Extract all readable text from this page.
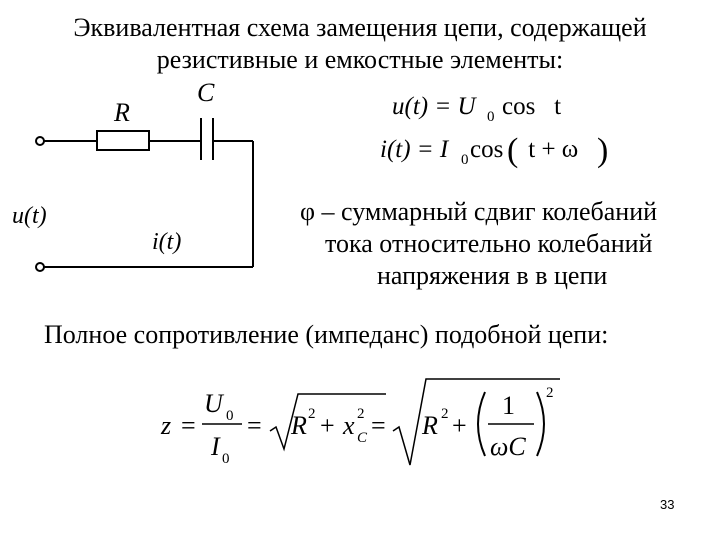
Эквивалентная схема замещения цепи, содержащей
резистивные и емкостные элементы:
R
C
u(t)
i(t)
u(t) = U 0 cos   t
i(t) = I 0 cos ( t + ω )
z =
U 0
I 0
= R 2 + x 2
C = R 2 +
1
ωC
2
φ – суммарный сдвиг колебаний
тока относительно колебаний
напряжения в в цепи
Полное сопротивление (импеданс) подобной цепи:
33
